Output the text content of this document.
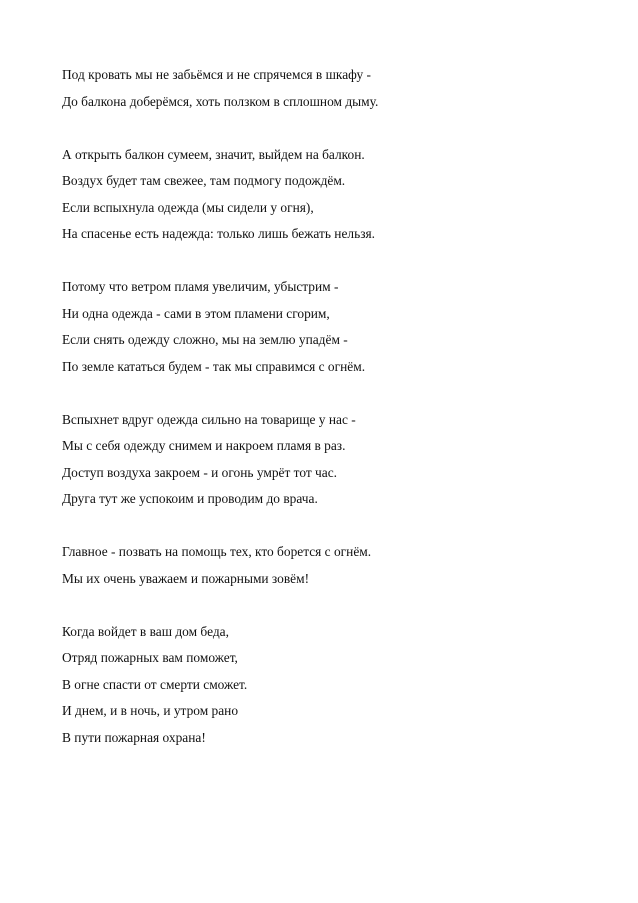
Под кровать мы не забьёмся и не спрячемся в шкафу -
До балкона доберёмся, хоть ползком в сплошном дыму.
А открыть балкон сумеем, значит, выйдем на балкон.
Воздух будет там свежее, там подмогу подождём.
Если вспыхнула одежда (мы сидели у огня),
На спасенье есть надежда: только лишь бежать нельзя.
Потому что ветром пламя увеличим, убыстрим -
Ни одна одежда - сами в этом пламени сгорим,
Если снять одежду сложно, мы на землю упадём -
По земле кататься будем - так мы справимся с огнём.
Вспыхнет вдруг одежда сильно на товарище у нас -
Мы с себя одежду снимем и накроем пламя в раз.
Доступ воздуха закроем - и огонь умрёт тот час.
Друга тут же успокоим и проводим до врача.
Главное - позвать на помощь тех, кто борется с огнём.
Мы их очень уважаем и пожарными зовём!
Когда войдет в ваш дом беда,
Отряд пожарных вам поможет,
В огне спасти от смерти сможет.
И днем, и в ночь, и утром рано
В пути пожарная охрана!
